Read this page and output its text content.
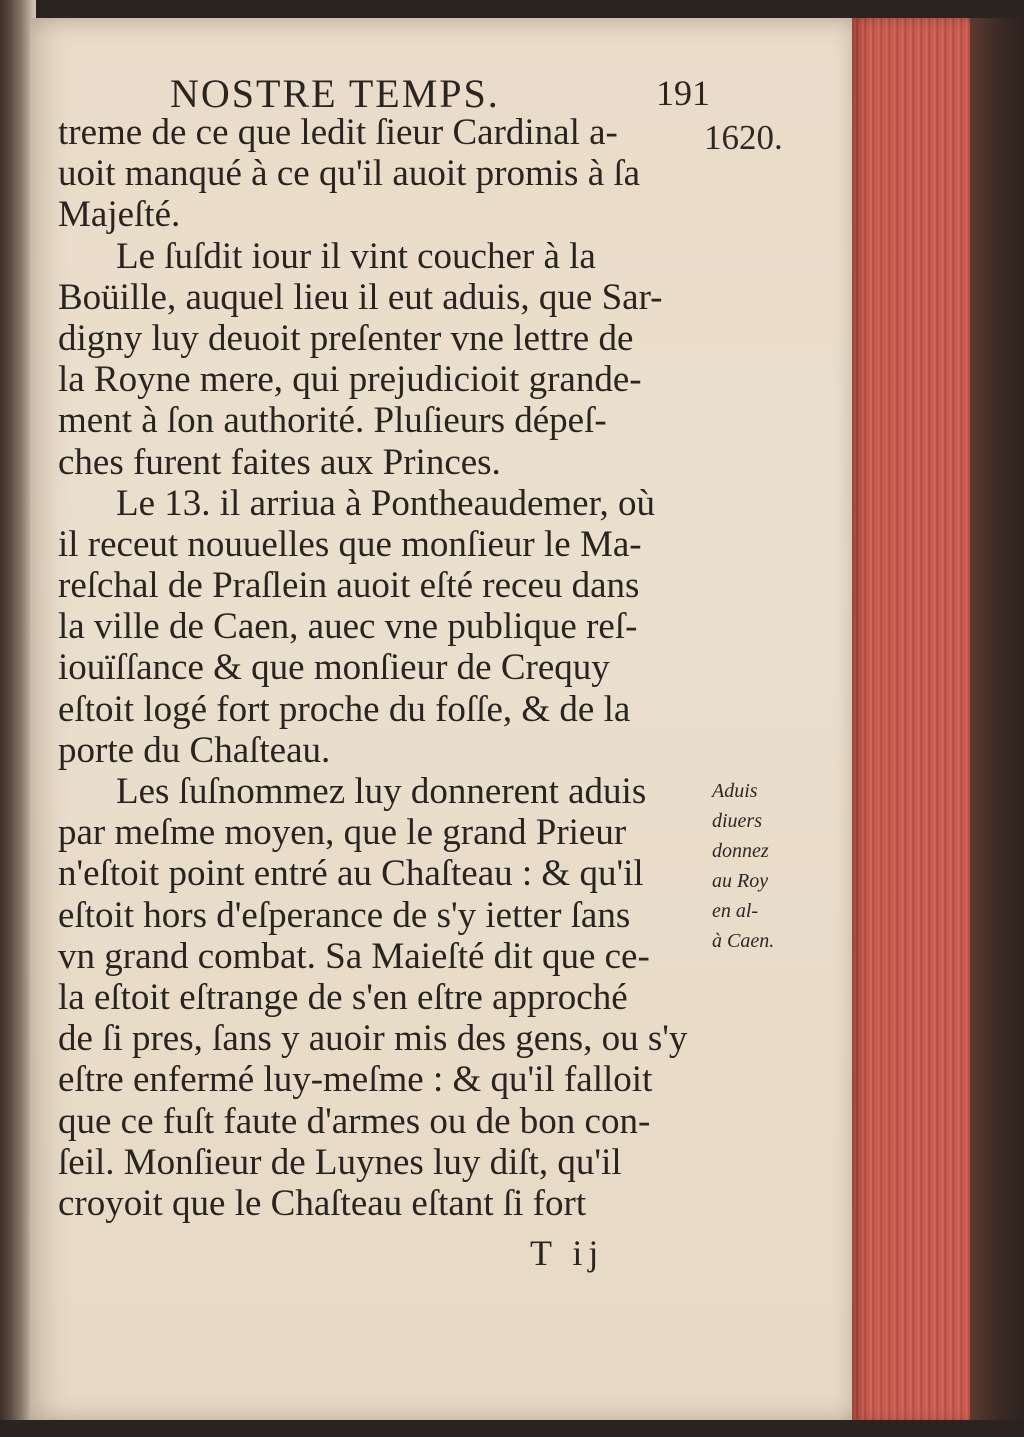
NOSTRE TEMPS.	191
1620.
treme de ce que ledit ſieur Cardinal a-
uoit manqué à ce qu'il auoit promis à ſa
Majeſté.
Le ſuſdit iour il vint coucher à la
Boüille, auquel lieu il eut aduis, que Sar-
digny luy deuoit preſenter vne lettre de
la Royne mere, qui prejudicioit grande-
ment à ſon authorité. Pluſieurs dépeſ-
ches furent faites aux Princes.
Le 13. il arriua à Pontheaudemer, où
il receut nouuelles que monſieur le Ma-
reſchal de Praſlein auoit eſté receu dans
la ville de Caen, auec vne publique reſ-
iouïſſance & que monſieur de Crequy
eſtoit logé fort proche du foſſe, & de la
porte du Chaſteau.
Les ſuſnommez luy donnerent aduis
par meſme moyen, que le grand Prieur
n'eſtoit point entré au Chaſteau : & qu'il
eſtoit hors d'eſperance de s'y ietter ſans
vn grand combat. Sa Maieſté dit que ce-
la eſtoit eſtrange de s'en eſtre approché
de ſi pres, ſans y auoir mis des gens, ou s'y
eſtre enfermé luy-meſme : & qu'il falloit
que ce fuſt faute d'armes ou de bon con-
ſeil. Monſieur de Luynes luy diſt, qu'il
croyoit que le Chaſteau eſtant ſi fort
Aduis
diuers
donnez
au Roy
en al-
à Caen.
T ij
